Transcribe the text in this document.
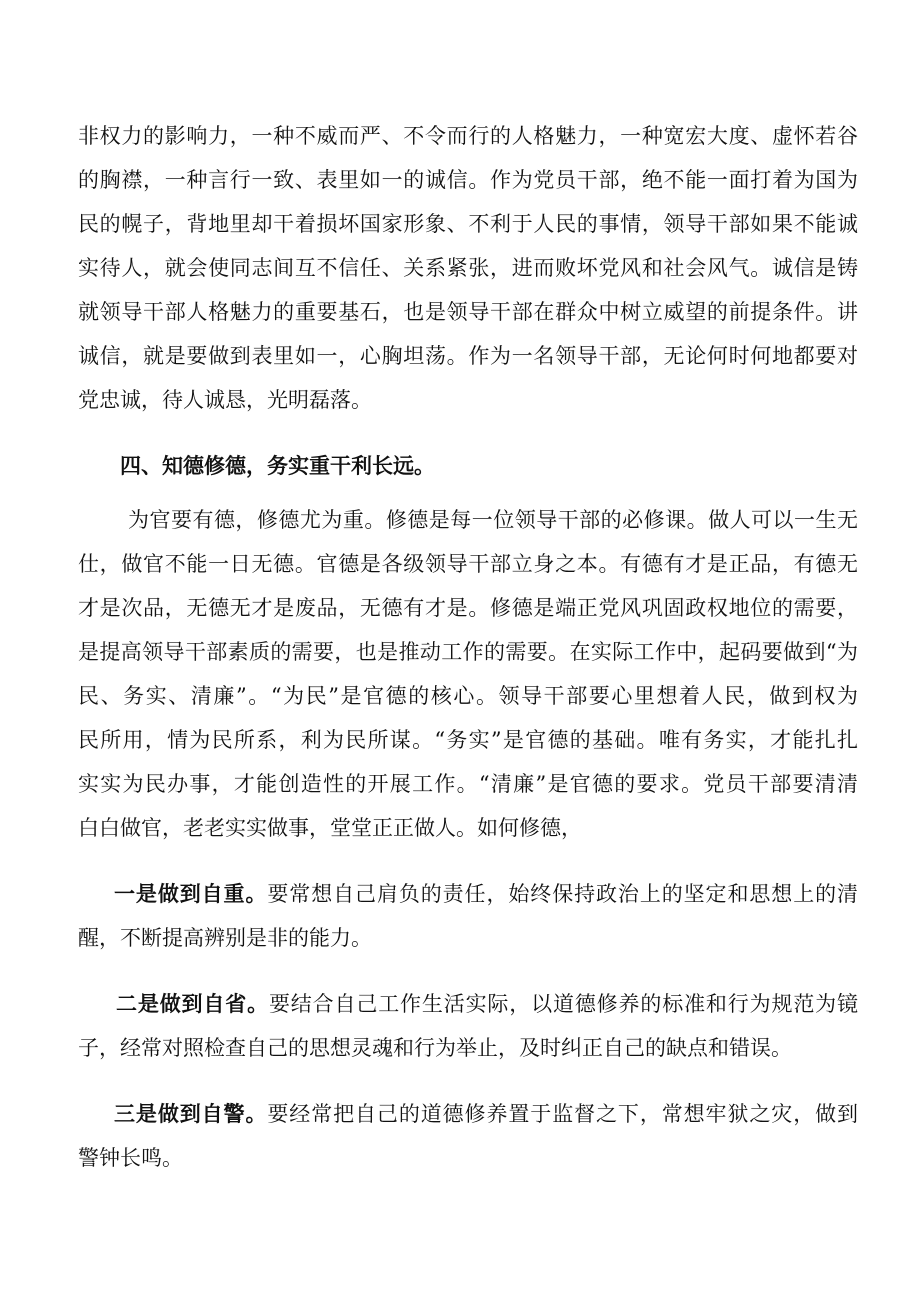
非权力的影响力，一种不威而严、不令而行的人格魅力，一种宽宏大度、虚怀若谷
的胸襟，一种言行一致、表里如一的诚信。作为党员干部，绝不能一面打着为国为
民的幌子，背地里却干着损坏国家形象、不利于人民的事情，领导干部如果不能诚
实待人，就会使同志间互不信任、关系紧张，进而败坏党风和社会风气。诚信是铸
就领导干部人格魅力的重要基石，也是领导干部在群众中树立威望的前提条件。讲
诚信，就是要做到表里如一，心胸坦荡。作为一名领导干部，无论何时何地都要对
党忠诚，待人诚恳，光明磊落。
四、知德修德，务实重干利长远。
为官要有德，修德尤为重。修德是每一位领导干部的必修课。做人可以一生无
仕，做官不能一日无德。官德是各级领导干部立身之本。有德有才是正品，有德无
才是次品，无德无才是废品，无德有才是。修德是端正党风巩固政权地位的需要，
是提高领导干部素质的需要，也是推动工作的需要。在实际工作中，起码要做到“为
民、务实、清廉”。“为民”是官德的核心。领导干部要心里想着人民，做到权为
民所用，情为民所系，利为民所谋。“务实”是官德的基础。唯有务实，才能扎扎
实实为民办事，才能创造性的开展工作。“清廉”是官德的要求。党员干部要清清
白白做官，老老实实做事，堂堂正正做人。如何修德，
一是做到自重。要常想自己肩负的责任，始终保持政治上的坚定和思想上的清
醒，不断提高辨别是非的能力。
二是做到自省。要结合自己工作生活实际，以道德修养的标准和行为规范为镜
子，经常对照检查自己的思想灵魂和行为举止，及时纠正自己的缺点和错误。
三是做到自警。要经常把自己的道德修养置于监督之下，常想牢狱之灾，做到
警钟长鸣。
